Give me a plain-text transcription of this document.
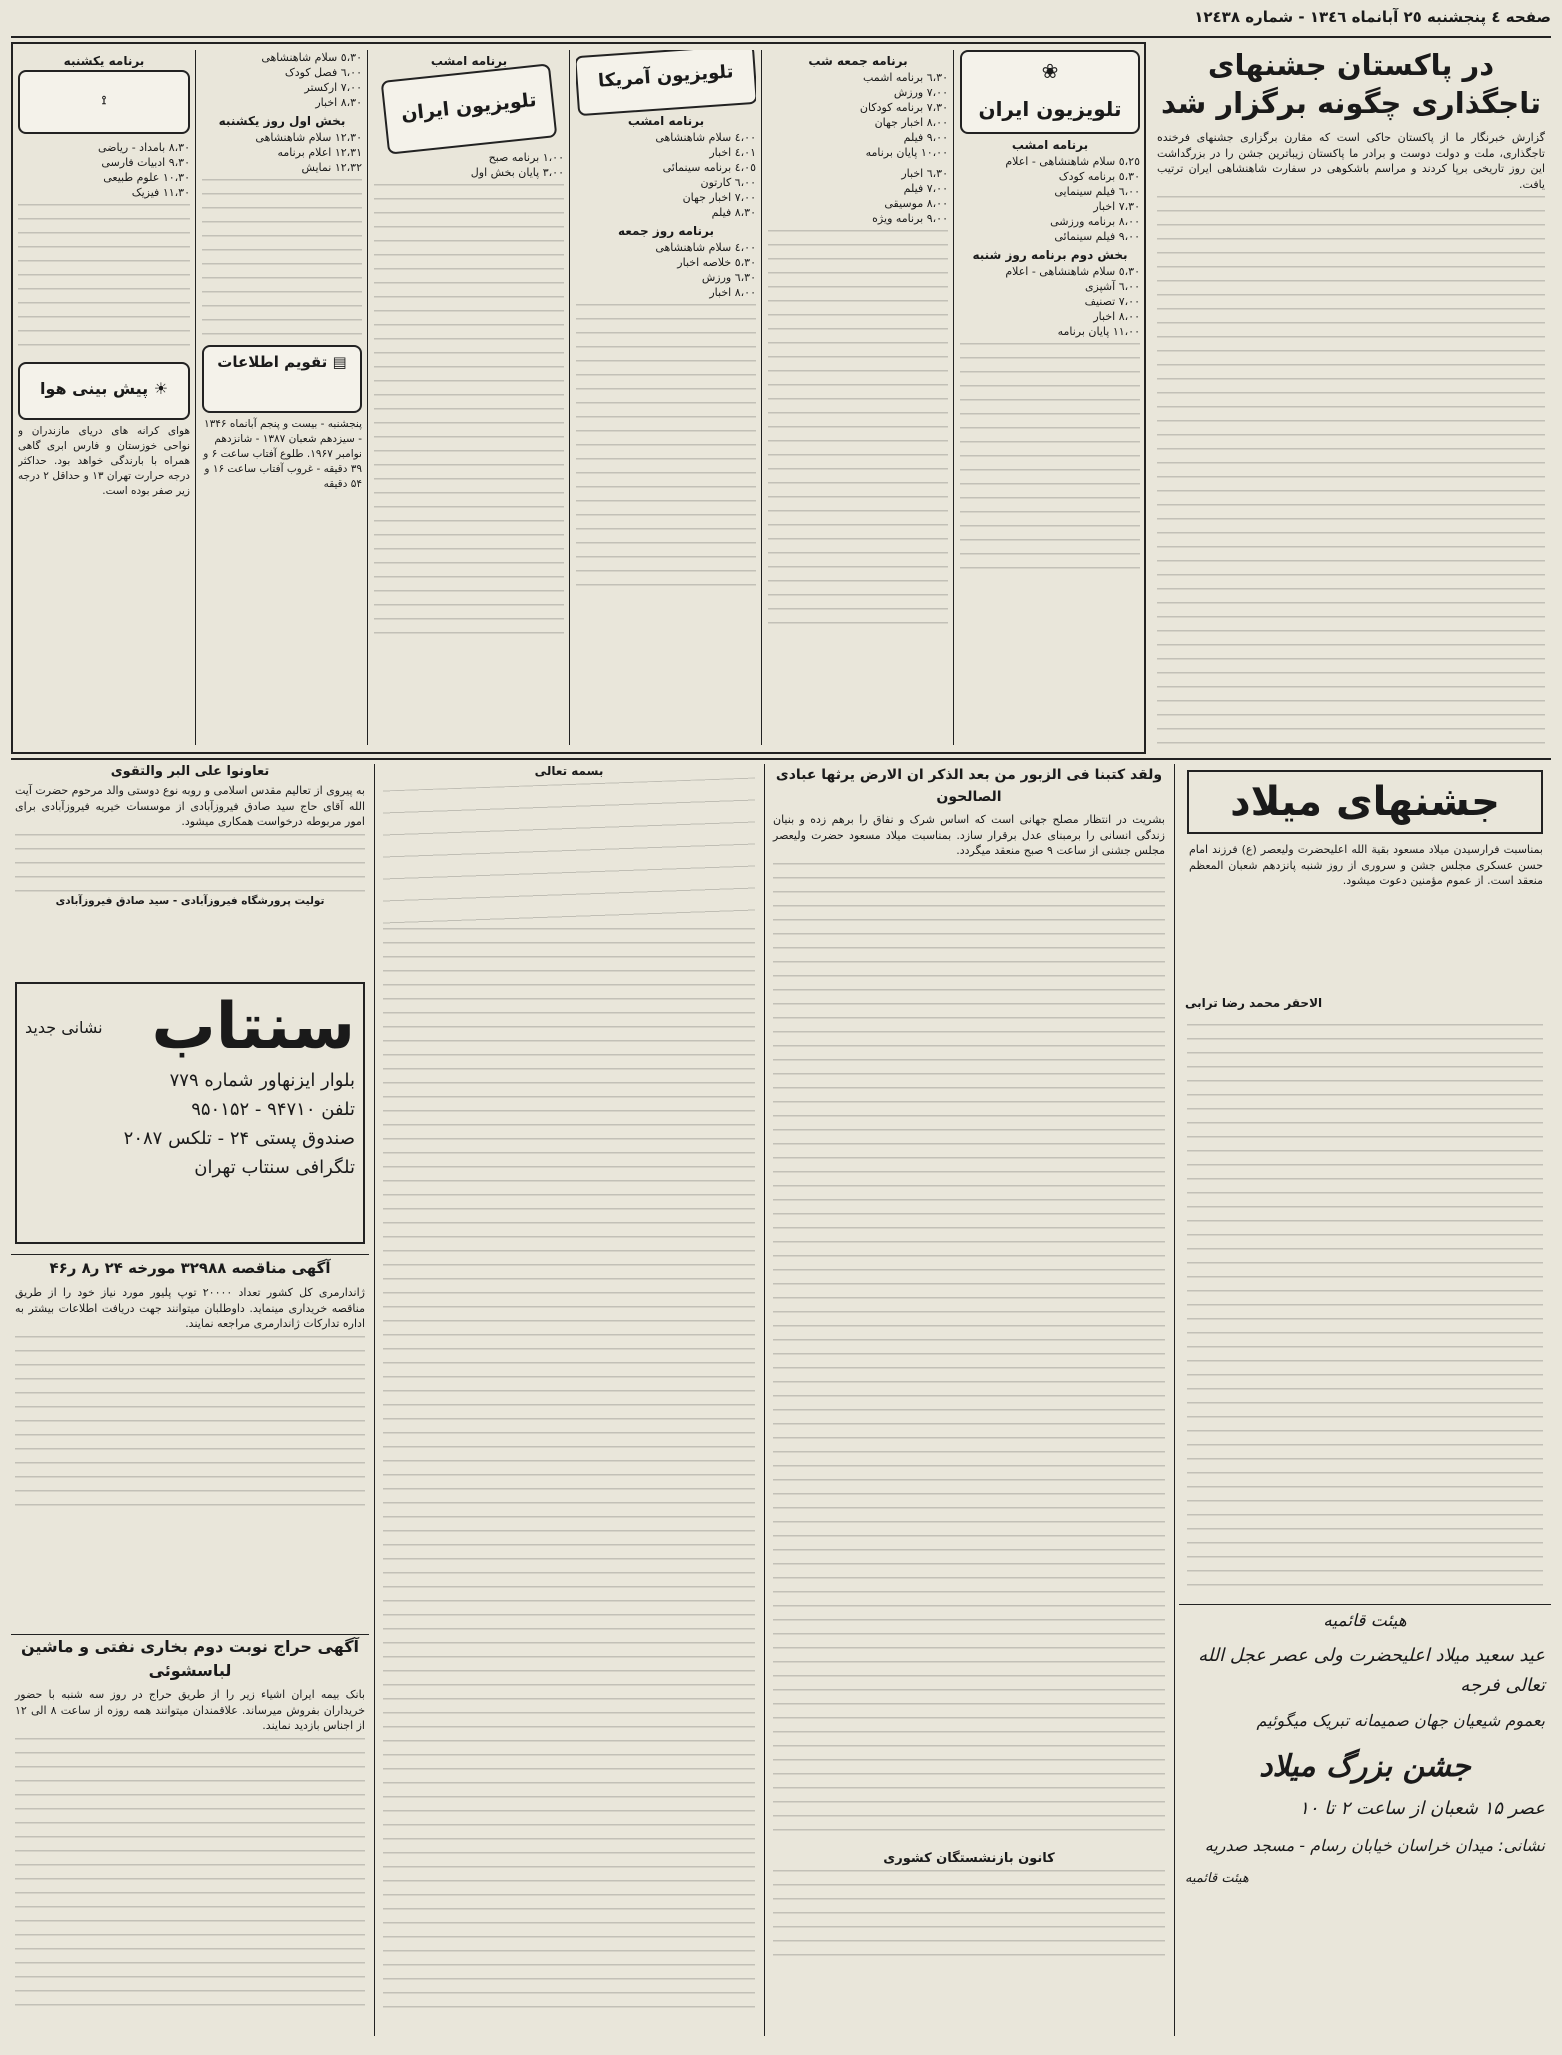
صفحه ٤ پنجشنبه ٢٥ آبانماه ١٣٤٦ - شماره ١٢٤٣٨
در پاکستان جشنهای تاجگذاری چگونه برگزار شد
گزارش خبرنگار ما از پاکستان حاکی است که مقارن برگزاری جشنهای فرخنده تاجگذاری، ملت و دولت دوست و برادر ما پاکستان زیباترین جشن را در بزرگداشت این روز تاریخی برپا کردند و مراسم باشکوهی در سفارت شاهنشاهی ایران ترتیب یافت.
❀
تلویزیون ایران
برنامه امشب
٥،٢٥ سلام شاهنشاهی - اعلام
٥،٣٠ برنامه کودک
٦،٠٠ فیلم سینمایی
٧،٣٠ اخبار
٨،٠٠ برنامه ورزشی
٩،٠٠ فیلم سینمائی
بخش دوم برنامه روز شنبه
٥،٣٠ سلام شاهنشاهی - اعلام
٦،٠٠ آشپزی
٧،٠٠ تصنیف
٨،٠٠ اخبار
١١،٠٠ پایان برنامه
برنامه جمعه شب
٦،٣٠ برنامه اشمب
٧،٠٠ ورزش
٧،٣٠ برنامه کودکان
٨،٠٠ اخبار جهان
٩،٠٠ فیلم
١٠،٠٠ پایان برنامه
٦،٣٠ اخبار
٧،٠٠ فیلم
٨،٠٠ موسیقی
٩،٠٠ برنامه ویژه
تلویزیون آمریکا
برنامه امشب
٤،٠٠ سلام شاهنشاهی
٤،٠١ اخبار
٤،٠٥ برنامه سینمائی
٦،٠٠ کارتون
٧،٠٠ اخبار جهان
٨،٣٠ فیلم
برنامه روز جمعه
٤،٠٠ سلام شاهنشاهی
٥،٣٠ خلاصه اخبار
٦،٣٠ ورزش
٨،٠٠ اخبار
برنامه امشب
تلویزیون ایران
١،٠٠ برنامه صبح
٣،٠٠ پایان بخش اول
٥،٣٠ سلام شاهنشاهی
٦،٠٠ فصل کودک
٧،٠٠ ارکستر
٨،٣٠ اخبار
بخش اول روز یکشنبه
١٢،٣٠ سلام شاهنشاهی
١٢،٣١ اعلام برنامه
١٢،٣٢ نمایش
▤ تقویم اطلاعات
پنجشنبه - بیست و پنجم آبانماه ۱۳۴۶ - سیزدهم شعبان ۱۳۸۷ - شانزدهم نوامبر ۱۹۶۷. طلوع آفتاب ساعت ۶ و ۳۹ دقیقه - غروب آفتاب ساعت ۱۶ و ۵۴ دقیقه
برنامه یکشنبه
⟟
٨،٣٠ بامداد - ریاضی
٩،٣٠ ادبیات فارسی
١٠،٣٠ علوم طبیعی
١١،٣٠ فیزیک
☀ پیش بینی هوا
هوای کرانه های دریای مازندران و نواحی خوزستان و فارس ابری گاهی همراه با بارندگی خواهد بود. حداکثر درجه حرارت تهران ۱۳ و حداقل ۲ درجه زیر صفر بوده است.
جشنهای میلاد
بمناسبت فرارسیدن میلاد مسعود بقیة الله اعلیحضرت ولیعصر (ع) فرزند امام حسن عسکری مجلس جشن و سروری از روز شنبه پانزدهم شعبان المعظم منعقد است. از عموم مؤمنین دعوت میشود.
الاحقر محمد رضا ترابی
هیئت قائمیه
عید سعید میلاد اعلیحضرت ولی عصر عجل الله تعالی فرجه
بعموم شیعیان جهان صمیمانه تبریک میگوئیم
جشن بزرگ میلاد
عصر ۱۵ شعبان از ساعت ۲ تا ۱۰
نشانی: میدان خراسان خیابان رسام - مسجد صدریه
هیئت قائمیه
ولقد کتبنا فی الزبور من بعد الذکر ان الارض یرثها عبادی الصالحون
بشریت در انتظار مصلح جهانی است که اساس شرک و نفاق را برهم زده و بنیان زندگی انسانی را برمبنای عدل برقرار سازد. بمناسبت میلاد مسعود حضرت ولیعصر مجلس جشنی از ساعت ۹ صبح منعقد میگردد.
کانون بازنشستگان کشوری
بسمه تعالی
تعاونوا علی البر والتقوی
به پیروی از تعالیم مقدس اسلامی و روبه نوع دوستی والد مرحوم حضرت آیت الله آقای حاج سید صادق فیروزآبادی از موسسات خیریه فیروزآبادی برای امور مربوطه درخواست همکاری میشود.
تولیت پرورشگاه فیروزآبادی - سید صادق فیروزآبادی
سنتاب
نشانی جدید
بلوار ایزنهاور شماره ۷۷۹
تلفن ۹۴۷۱۰ - ۹۵۰۱۵۲
صندوق پستی ۲۴ - تلکس ۲۰۸۷
تلگرافی سنتاب تهران
آگهی مناقصه ۳۲۹۸۸ مورخه ۲۴ ر۸ ر۴۶
ژاندارمری کل کشور تعداد ۲۰۰۰۰ توپ پلیور مورد نیاز خود را از طریق مناقصه خریداری مینماید. داوطلبان میتوانند جهت دریافت اطلاعات بیشتر به اداره تدارکات ژاندارمری مراجعه نمایند.
آگهی حراج نوبت دوم بخاری نفتی و ماشین لباسشوئی
بانک بیمه ایران اشیاء زیر را از طریق حراج در روز سه شنبه با حضور خریداران بفروش میرساند. علاقمندان میتوانند همه روزه از ساعت ۸ الی ۱۲ از اجناس بازدید نمایند.
